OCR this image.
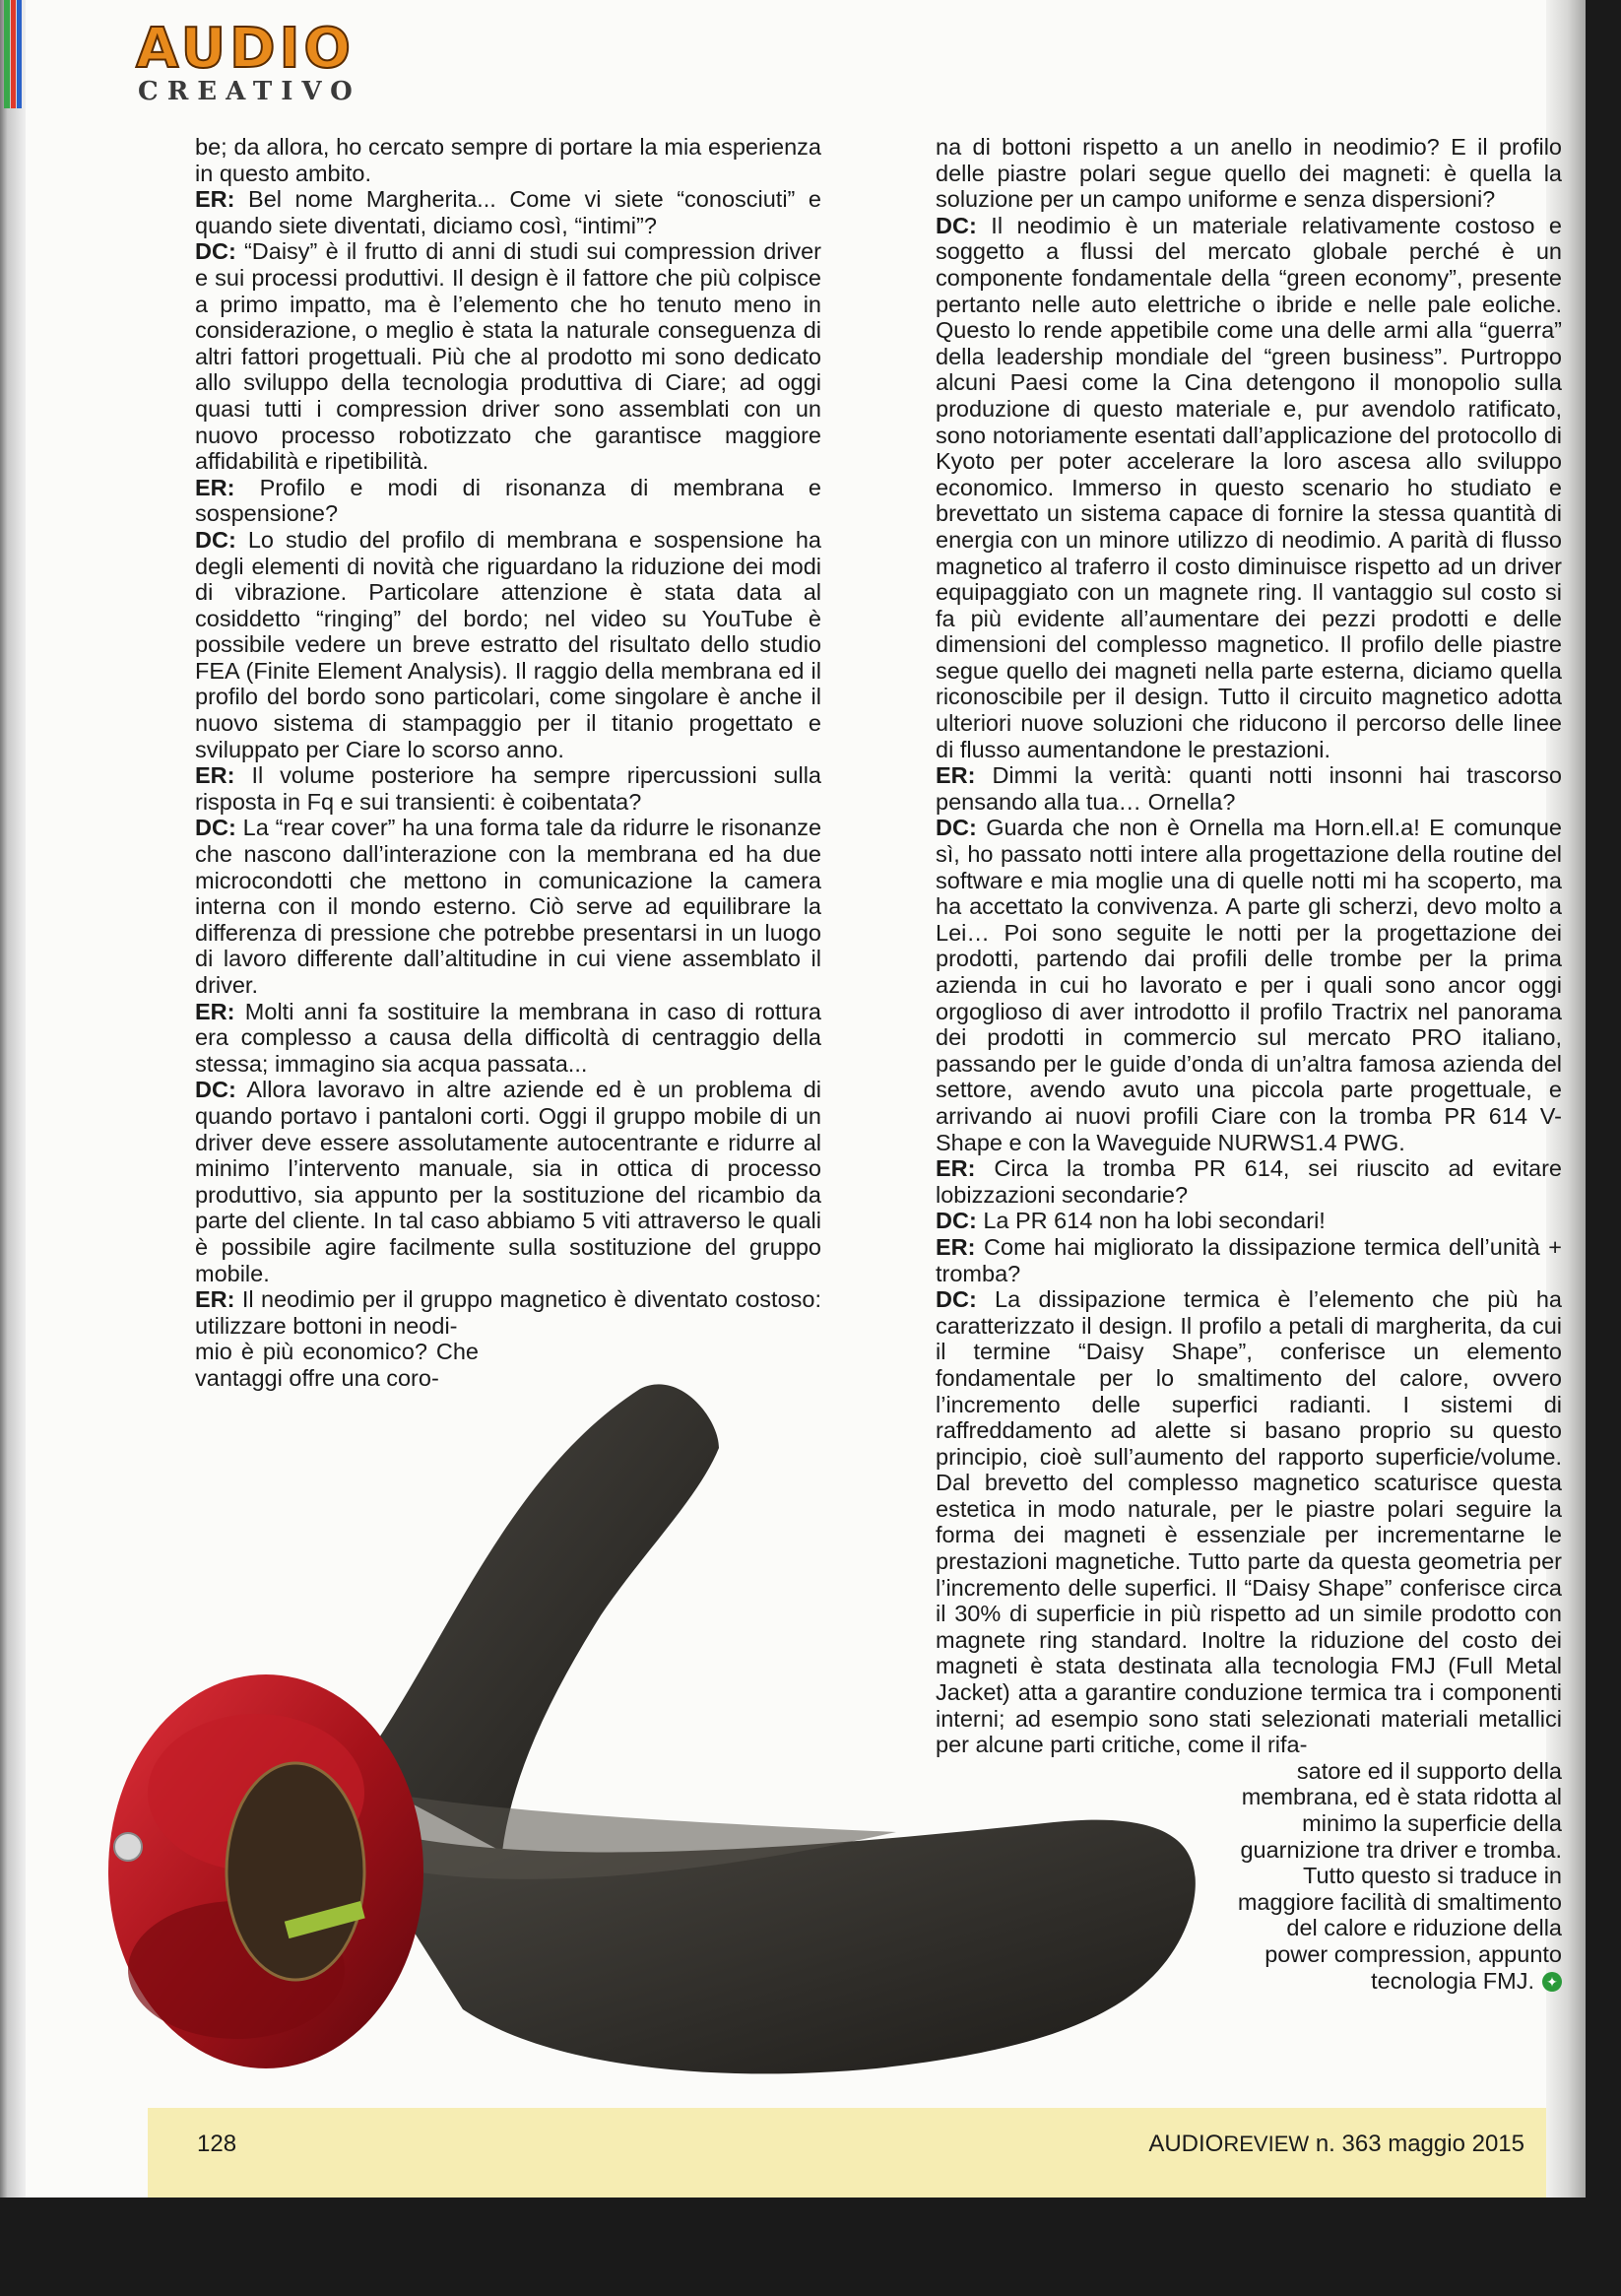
AUDIO
CREATIVO

be; da allora, ho cercato sempre di portare la mia esperienza in questo ambito.

ER: Bel nome Margherita... Come vi siete “conosciuti” e quando siete diventati, diciamo così, “intimi”?

DC: “Daisy” è il frutto di anni di studi sui compression driver e sui processi produttivi. Il design è il fattore che più colpisce a primo impatto, ma è l’elemento che ho tenuto meno in considerazione, o meglio è stata la naturale conseguenza di altri fattori progettuali. Più che al prodotto mi sono dedicato allo sviluppo della tecnologia produttiva di Ciare; ad oggi quasi tutti i compression driver sono assemblati con un nuovo processo robotizzato che garantisce maggiore affidabilità e ripetibilità.

ER: Profilo e modi di risonanza di membrana e sospensione?

DC: Lo studio del profilo di membrana e sospensione ha degli elementi di novità che riguardano la riduzione dei modi di vibrazione. Particolare attenzione è stata data al cosiddetto “ringing” del bordo; nel video su YouTube è possibile vedere un breve estratto del risultato dello studio FEA (Finite Element Analysis). Il raggio della membrana ed il profilo del bordo sono particolari, come singolare è anche il nuovo sistema di stampaggio per il titanio progettato e sviluppato per Ciare lo scorso anno.

ER: Il volume posteriore ha sempre ripercussioni sulla risposta in Fq e sui transienti: è coibentata?

DC: La “rear cover” ha una forma tale da ridurre le risonanze che nascono dall’interazione con la membrana ed ha due microcondotti che mettono in comunicazione la camera interna con il mondo esterno. Ciò serve ad equilibrare la differenza di pressione che potrebbe presentarsi in un luogo di lavoro differente dall’altitudine in cui viene assemblato il driver.

ER: Molti anni fa sostituire la membrana in caso di rottura era complesso a causa della difficoltà di centraggio della stessa; immagino sia acqua passata...

DC: Allora lavoravo in altre aziende ed è un problema di quando portavo i pantaloni corti. Oggi il gruppo mobile di un driver deve essere assolutamente autocentrante e ridurre al minimo l’intervento manuale, sia in ottica di processo produttivo, sia appunto per la sostituzione del ricambio da parte del cliente. In tal caso abbiamo 5 viti attraverso le quali è possibile agire facilmente sulla sostituzione del gruppo mobile.

ER: Il neodimio per il gruppo magnetico è diventato costoso: utilizzare bottoni in neodi-

mio è più economico? Che vantaggi offre una coro-

na di bottoni rispetto a un anello in neodimio? E il profilo delle piastre polari segue quello dei magneti: è quella la soluzione per un campo uniforme e senza dispersioni?

DC: Il neodimio è un materiale relativamente costoso e soggetto a flussi del mercato globale perché è un componente fondamentale della “green economy”, presente pertanto nelle auto elettriche o ibride e nelle pale eoliche. Questo lo rende appetibile come una delle armi alla “guerra” della leadership mondiale del “green business”. Purtroppo alcuni Paesi come la Cina detengono il monopolio sulla produzione di questo materiale e, pur avendolo ratificato, sono notoriamente esentati dall’applicazione del protocollo di Kyoto per poter accelerare la loro ascesa allo sviluppo economico. Immerso in questo scenario ho studiato e brevettato un sistema capace di fornire la stessa quantità di energia con un minore utilizzo di neodimio. A parità di flusso magnetico al traferro il costo diminuisce rispetto ad un driver equipaggiato con un magnete ring. Il vantaggio sul costo si fa più evidente all’aumentare dei pezzi prodotti e delle dimensioni del complesso magnetico. Il profilo delle piastre segue quello dei magneti nella parte esterna, diciamo quella riconoscibile per il design. Tutto il circuito magnetico adotta ulteriori nuove soluzioni che riducono il percorso delle linee di flusso aumentandone le prestazioni.

ER: Dimmi la verità: quanti notti insonni hai trascorso pensando alla tua… Ornella?

DC: Guarda che non è Ornella ma Horn.ell.a! E comunque sì, ho passato notti intere alla progettazione della routine del software e mia moglie una di quelle notti mi ha scoperto, ma ha accettato la convivenza. A parte gli scherzi, devo molto a Lei… Poi sono seguite le notti per la progettazione dei prodotti, partendo dai profili delle trombe per la prima azienda in cui ho lavorato e per i quali sono ancor oggi orgoglioso di aver introdotto il profilo Tractrix nel panorama dei prodotti in commercio sul mercato PRO italiano, passando per le guide d’onda di un’altra famosa azienda del settore, avendo avuto una piccola parte progettuale, e arrivando ai nuovi profili Ciare con la tromba PR 614 V-Shape e con la Waveguide NURWS1.4 PWG.

ER: Circa la tromba PR 614, sei riuscito ad evitare lobizzazioni secondarie?

DC: La PR 614 non ha lobi secondari!

ER: Come hai migliorato la dissipazione termica dell’unità + tromba?

DC: La dissipazione termica è l’elemento che più ha caratterizzato il design. Il profilo a petali di margherita, da cui il termine “Daisy Shape”, conferisce un elemento fondamentale per lo smaltimento del calore, ovvero l’incremento delle superfici radianti. I sistemi di raffreddamento ad alette si basano proprio su questo principio, cioè sull’aumento del rapporto superficie/volume. Dal brevetto del complesso magnetico scaturisce questa estetica in modo naturale, per le piastre polari seguire la forma dei magneti è essenziale per incrementarne le prestazioni magnetiche. Tutto parte da questa geometria per l’incremento delle superfici. Il “Daisy Shape” conferisce circa il 30% di superficie in più rispetto ad un simile prodotto con magnete ring standard. Inoltre la riduzione del costo dei magneti è stata destinata alla tecnologia FMJ (Full Metal Jacket) atta a garantire conduzione termica tra i componenti interni; ad esempio sono stati selezionati materiali metallici per alcune parti critiche, come il rifa-

satore ed il supporto della membrana, ed è stata ridotta al minimo la superficie della guarnizione tra driver e tromba. Tutto questo si traduce in maggiore facilità di smaltimento del calore e riduzione della power compression, appunto tecnologia FMJ. ✦

128	AUDIOREVIEW n. 363 maggio 2015
